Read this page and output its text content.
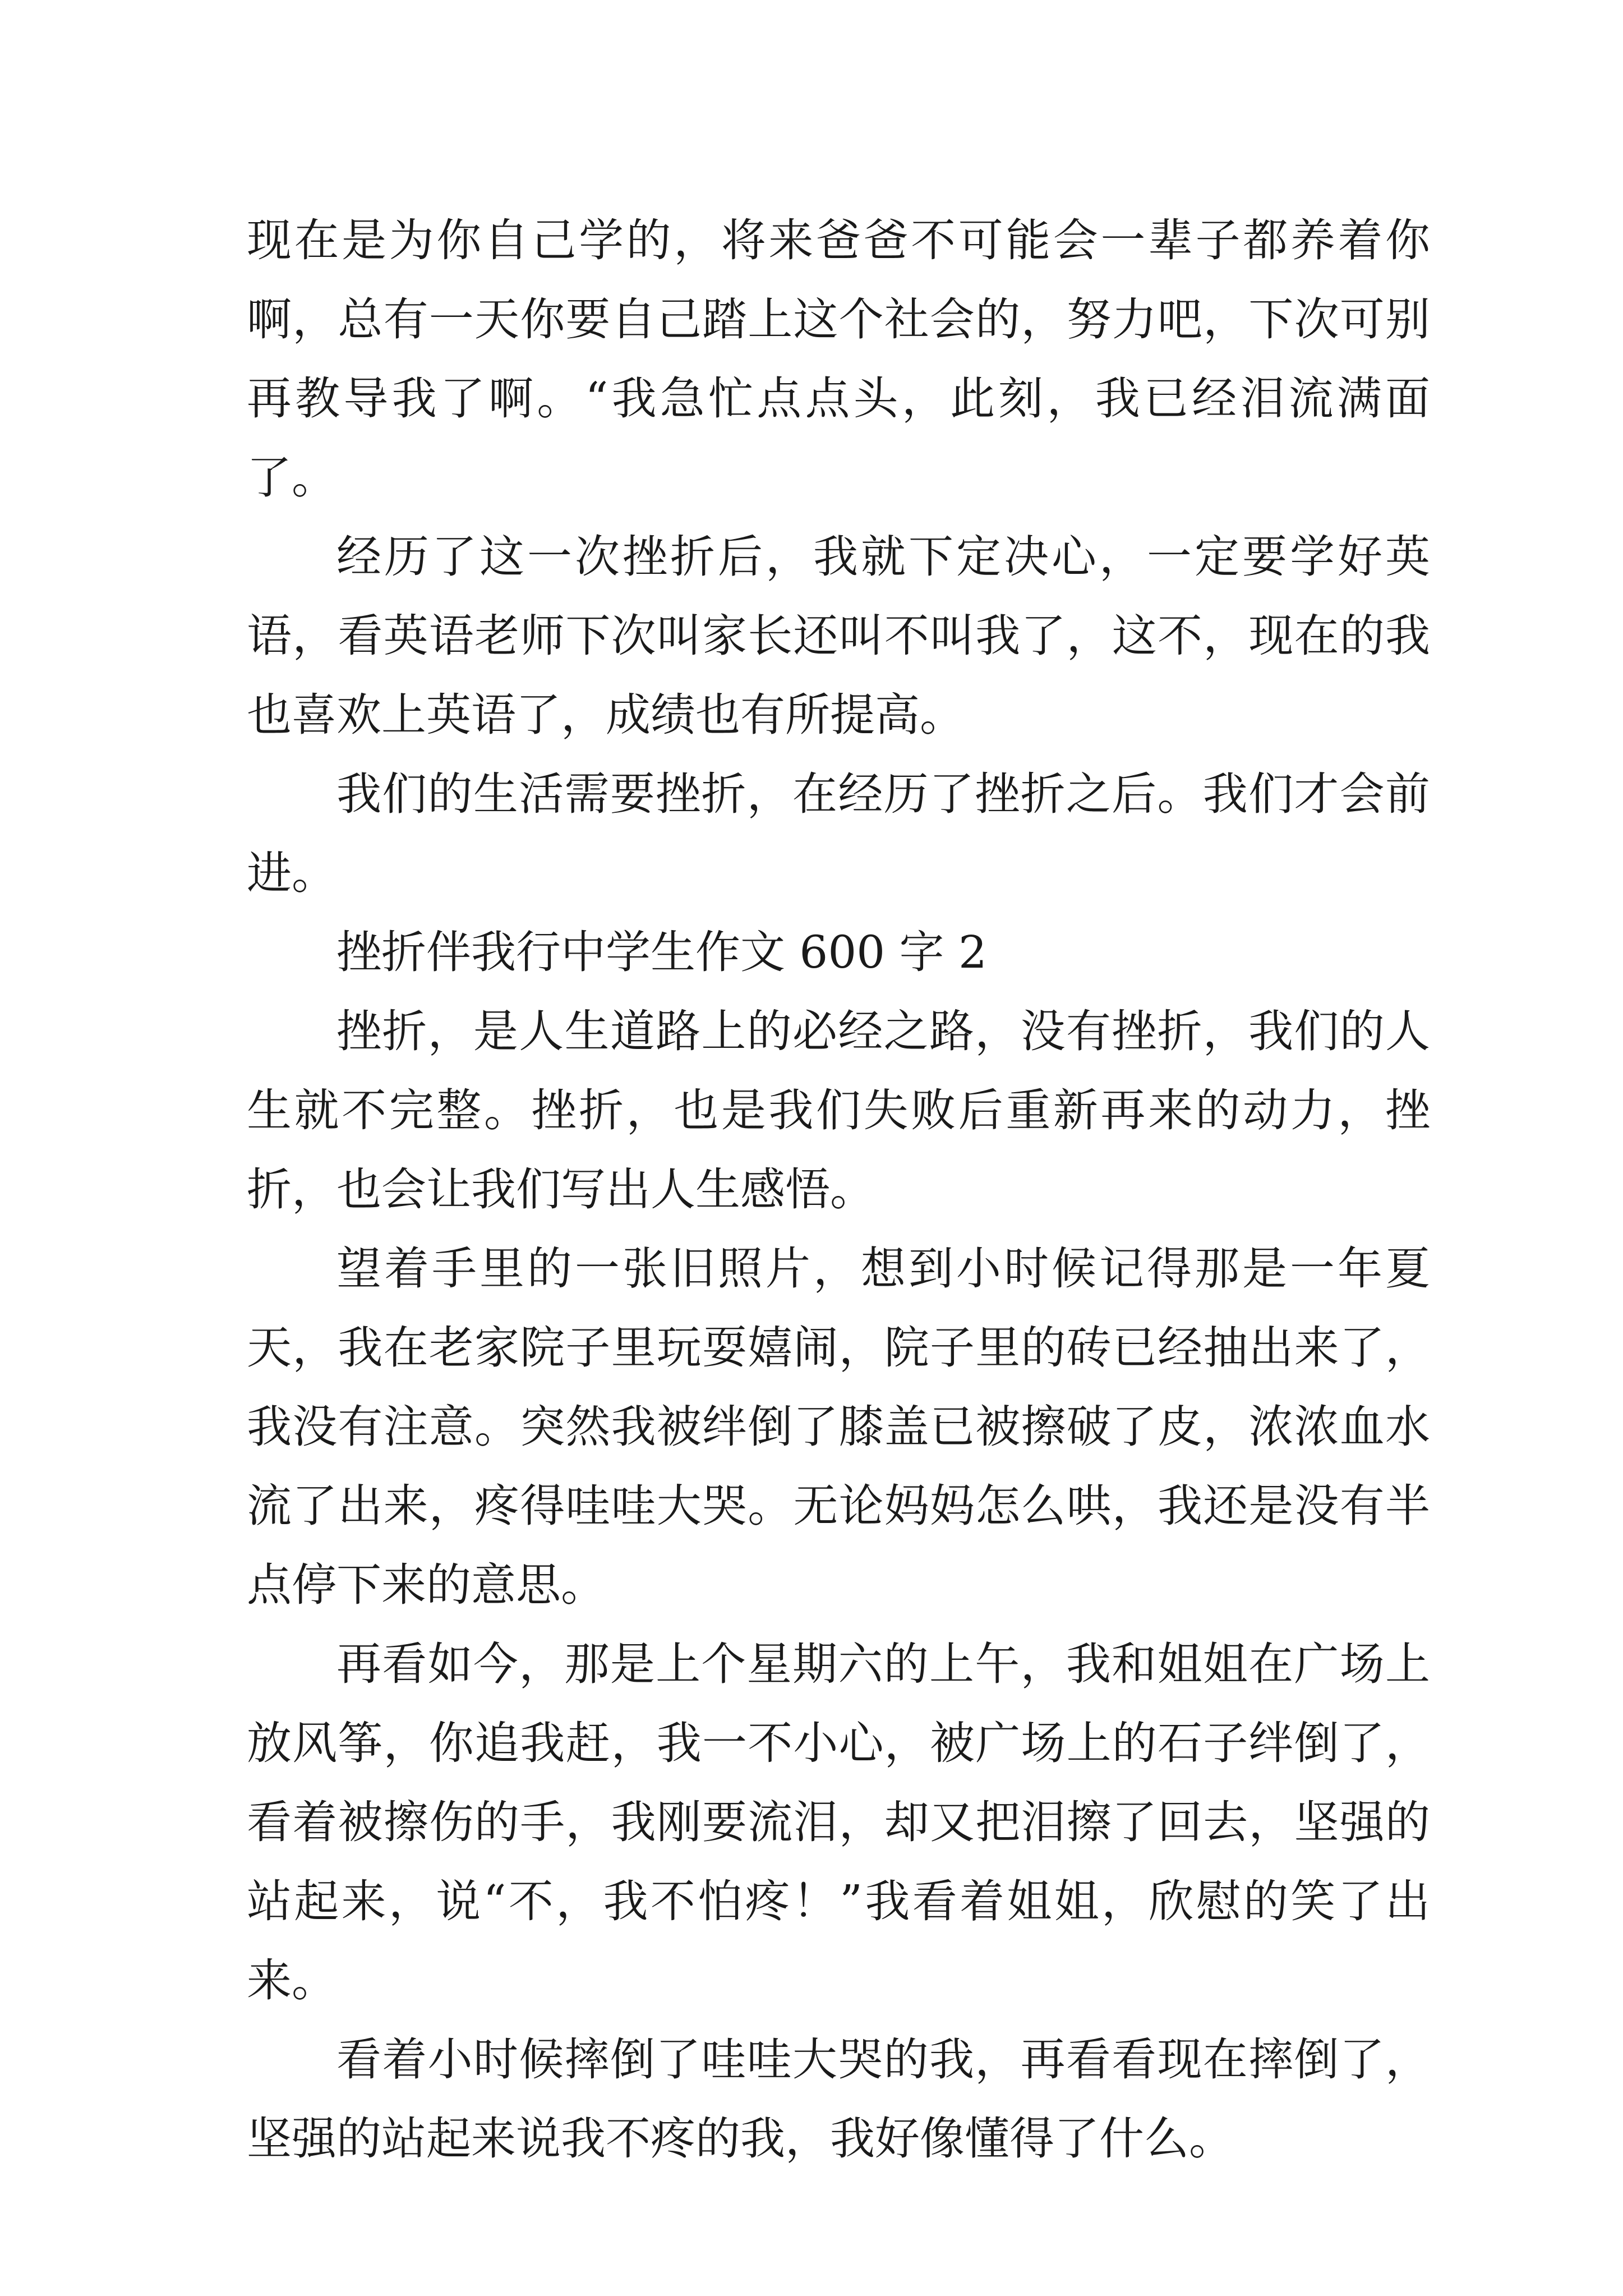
现在是为你自己学的，将来爸爸不可能会一辈子都养着你啊，总有一天你要自己踏上这个社会的，努力吧，下次可别再教导我了啊。“我急忙点点头，此刻，我已经泪流满面了。

经历了这一次挫折后，我就下定决心，一定要学好英语，看英语老师下次叫家长还叫不叫我了，这不，现在的我也喜欢上英语了，成绩也有所提高。

我们的生活需要挫折，在经历了挫折之后。我们才会前进。

挫折伴我行中学生作文 600 字 2

挫折，是人生道路上的必经之路，没有挫折，我们的人生就不完整。挫折，也是我们失败后重新再来的动力，挫折，也会让我们写出人生感悟。

望着手里的一张旧照片，想到小时候记得那是一年夏天，我在老家院子里玩耍嬉闹，院子里的砖已经抽出来了，我没有注意。突然我被绊倒了膝盖已被擦破了皮，浓浓血水流了出来，疼得哇哇大哭。无论妈妈怎么哄，我还是没有半点停下来的意思。

再看如今，那是上个星期六的上午，我和姐姐在广场上放风筝，你追我赶，我一不小心，被广场上的石子绊倒了，看着被擦伤的手，我刚要流泪，却又把泪擦了回去，坚强的站起来，说“不，我不怕疼！”我看着姐姐，欣慰的笑了出来。

看着小时候摔倒了哇哇大哭的我，再看看现在摔倒了，坚强的站起来说我不疼的我，我好像懂得了什么。
